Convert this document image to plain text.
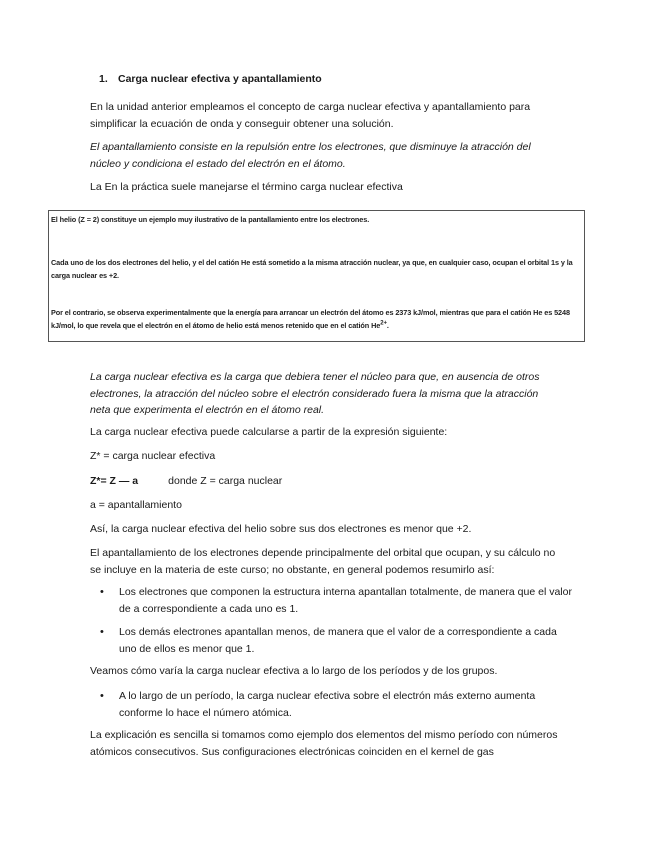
1. Carga nuclear efectiva y apantallamiento

En la unidad anterior empleamos el concepto de carga nuclear efectiva y apantallamiento para simplificar la ecuación de onda y conseguir obtener una solución.

El apantallamiento consiste en la repulsión entre los electrones, que disminuye la atracción del núcleo y condiciona el estado del electrón en el átomo.

La En la práctica suele manejarse el término carga nuclear efectiva

El helio (Z = 2) constituye un ejemplo muy ilustrativo de la pantallamiento entre los electrones.

Cada uno de los dos electrones del helio, y el del catión He está sometido a la misma atracción nuclear, ya que, en cualquier caso, ocupan el orbital 1s y la carga nuclear es +2.

Por el contrario, se observa experimentalmente que la energía para arrancar un electrón del átomo es 2373 kJ/mol, mientras que para el catión He es 5248 kJ/mol, lo que revela que el electrón en el átomo de helio está menos retenido que en el catión $He^{2+}$.

La carga nuclear efectiva es la carga que debiera tener el núcleo para que, en ausencia de otros electrones, la atracción del núcleo sobre el electrón considerado fuera la misma que la atracción neta que experimenta el electrón en el átomo real.

La carga nuclear efectiva puede calcularse a partir de la expresión siguiente:

Z* = carga nuclear efectiva

Z*= Z — a	donde Z = carga nuclear

a = apantallamiento

Así, la carga nuclear efectiva del helio sobre sus dos electrones es menor que +2.

El apantallamiento de los electrones depende principalmente del orbital que ocupan, y su cálculo no se incluye en la materia de este curso; no obstante, en general podemos resumirlo así:

• Los electrones que componen la estructura interna apantallan totalmente, de manera que el valor de a correspondiente a cada uno es 1.

• Los demás electrones apantallan menos, de manera que el valor de a correspondiente a cada uno de ellos es menor que 1.

Veamos cómo varía la carga nuclear efectiva a lo largo de los períodos y de los grupos.

• A lo largo de un período, la carga nuclear efectiva sobre el electrón más externo aumenta conforme lo hace el número atómica.

La explicación es sencilla si tomamos como ejemplo dos elementos del mismo período con números atómicos consecutivos. Sus configuraciones electrónicas coinciden en el kernel de gas
